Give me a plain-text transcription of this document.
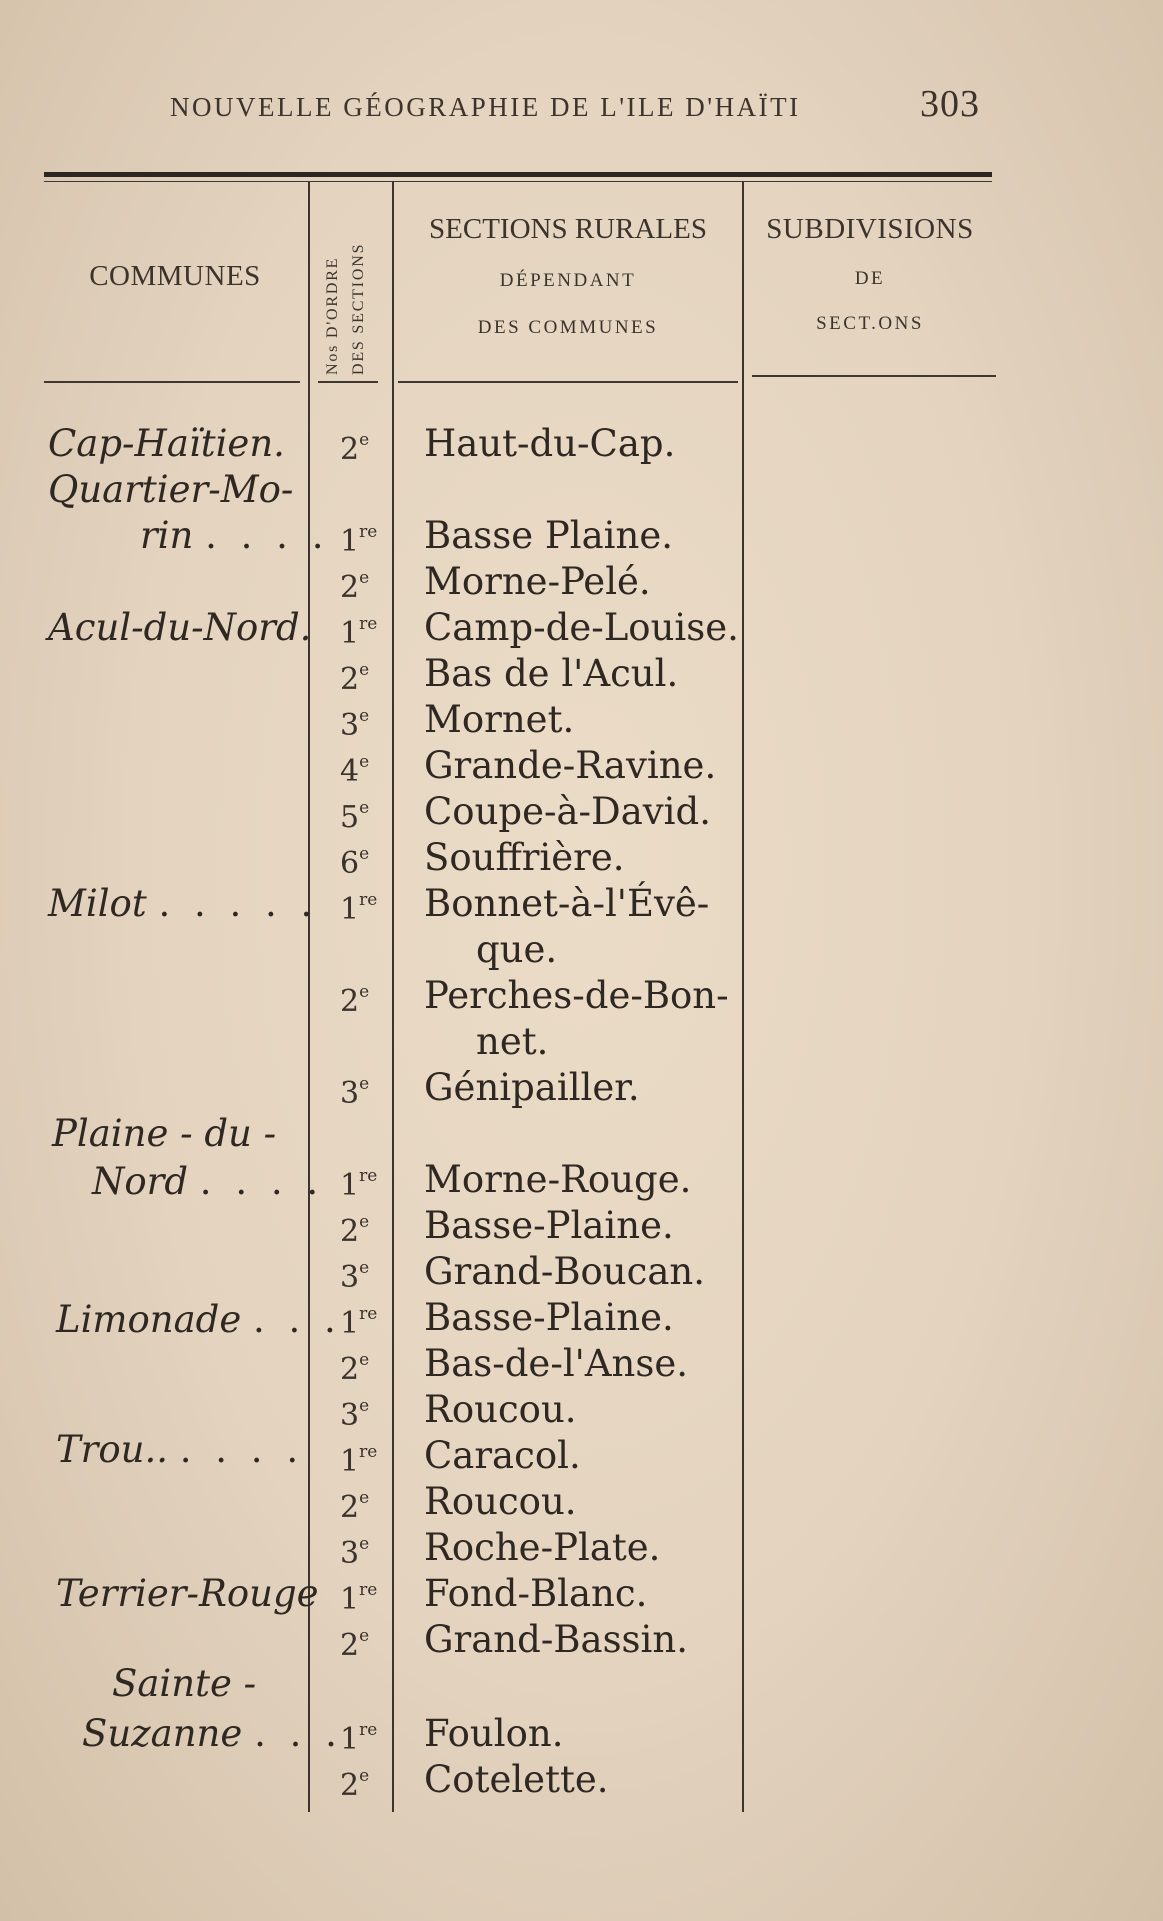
NOUVELLE GÉOGRAPHIE DE L'ILE D'HAÏTI	303
COMMUNES	Nos D'ORDRE DES SECTIONS
SECTIONS RURALES
DÉPENDANT
DES COMMUNES
SUBDIVISIONS
DE
SECT.ONS
Cap-Haïtien.
Quartier-Mo-
rin . . . .
Acul-du-Nord.
Milot . . . . .
Plaine - du -
Nord . . . .
Limonade . . .
Trou.. . . . .
Terrier-Rouge
Sainte -
Suzanne . . .
2e
1re
2e
1re
2e
3e
4e
5e
6e
1re
2e
3e
1re
2e
3e
1re
2e
3e
1re
2e
3e
1re
2e
1re
2e
Haut-du-Cap.
Basse Plaine.
Morne-Pelé.
Camp-de-Louise.
Bas de l'Acul.
Mornet.
Grande-Ravine.
Coupe-à-David.
Souffrière.
Bonnet-à-l'Évê-
que.
Perches-de-Bon-
net.
Génipailler.
Morne-Rouge.
Basse-Plaine.
Grand-Boucan.
Basse-Plaine.
Bas-de-l'Anse.
Roucou.
Caracol.
Roucou.
Roche-Plate.
Fond-Blanc.
Grand-Bassin.
Foulon.
Cotelette.
